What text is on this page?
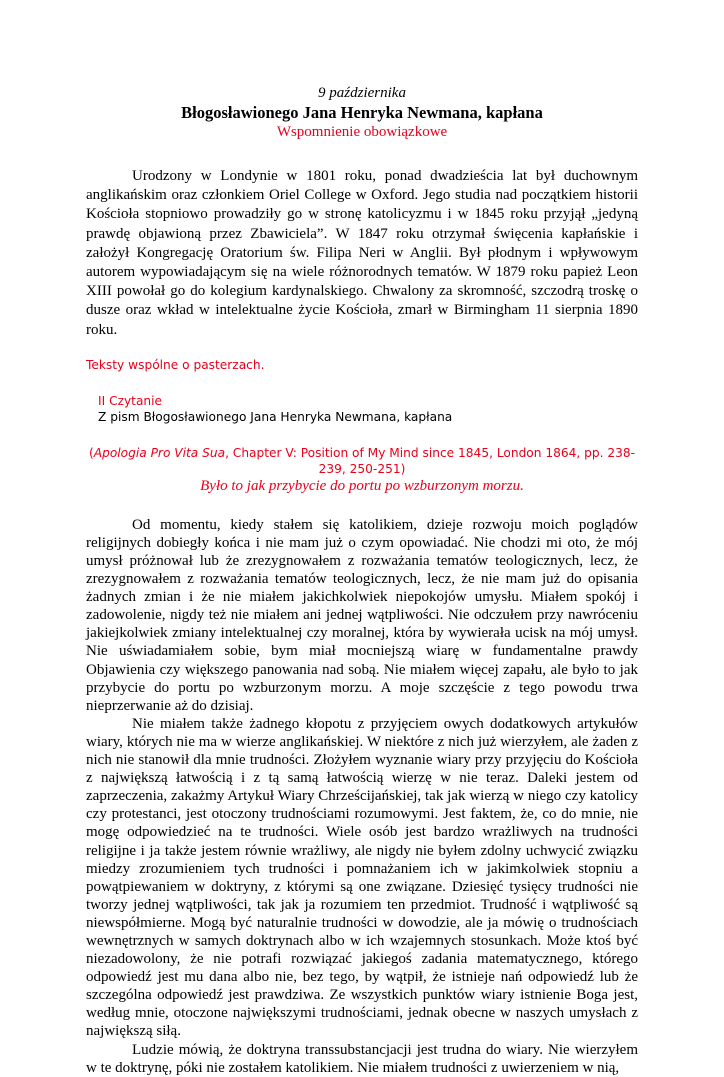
9 października

Błogosławionego Jana Henryka Newmana, kapłana

Wspomnienie obowiązkowe

Urodzony w Londynie w 1801 roku, ponad dwadzieścia lat był duchownym anglikańskim oraz członkiem Oriel College w Oxford. Jego studia nad początkiem historii Kościoła stopniowo prowadziły go w stronę katolicyzmu i w 1845 roku przyjął „jedyną prawdę objawioną przez Zbawiciela”. W 1847 roku otrzymał święcenia kapłańskie i założył Kongregację Oratorium św. Filipa Neri w Anglii. Był płodnym i wpływowym autorem wypowiadającym się na wiele różnorodnych tematów. W 1879 roku papież Leon XIII powołał go do kolegium kardynalskiego. Chwalony za skromność, szczodrą troskę o dusze oraz wkład w intelektualne życie Kościoła, zmarł w Birmingham 11 sierpnia 1890 roku.

Teksty wspólne o pasterzach.

II Czytanie

Z pism Błogosławionego Jana Henryka Newmana, kapłana

(Apologia Pro Vita Sua, Chapter V: Position of My Mind since 1845, London 1864, pp. 238-239, 250-251)

Było to jak przybycie do portu po wzburzonym morzu.

Od momentu, kiedy stałem się katolikiem, dzieje rozwoju moich poglądów religijnych dobiegły końca i nie mam już o czym opowiadać. Nie chodzi mi oto, że mój umysł próżnował lub że zrezygnowałem z rozważania tematów teologicznych, lecz, że zrezygnowałem z rozważania tematów teologicznych, lecz, że nie mam już do opisania żadnych zmian i że nie miałem jakichkolwiek niepokojów umysłu. Miałem spokój i zadowolenie, nigdy też nie miałem ani jednej wątpliwości. Nie odczułem przy nawróceniu jakiejkolwiek zmiany intelektualnej czy moralnej, która by wywierała ucisk na mój umysł. Nie uświadamiałem sobie, bym miał mocniejszą wiarę w fundamentalne prawdy Objawienia czy większego panowania nad sobą. Nie miałem więcej zapału, ale było to jak przybycie do portu po wzburzonym morzu. A moje szczęście z tego powodu trwa nieprzerwanie aż do dzisiaj.

Nie miałem także żadnego kłopotu z przyjęciem owych dodatkowych artykułów wiary, których nie ma w wierze anglikańskiej. W niektóre z nich już wierzyłem, ale żaden z nich nie stanowił dla mnie trudności. Złożyłem wyznanie wiary przy przyjęciu do Kościoła z największą łatwością i z tą samą łatwością wierzę w nie teraz. Daleki jestem od zaprzeczenia, zakażmy Artykuł Wiary Chrześcijańskiej, tak jak wierzą w niego czy katolicy czy protestanci, jest otoczony trudnościami rozumowymi. Jest faktem, że, co do mnie, nie mogę odpowiedzieć na te trudności. Wiele osób jest bardzo wrażliwych na trudności religijne i ja także jestem równie wrażliwy, ale nigdy nie byłem zdolny uchwycić związku miedzy zrozumieniem tych trudności i pomnażaniem ich w jakimkolwiek stopniu a powątpiewaniem w doktryny, z którymi są one związane. Dziesięć tysięcy trudności nie tworzy jednej wątpliwości, tak jak ja rozumiem ten przedmiot. Trudność i wątpliwość są niewspółmierne. Mogą być naturalnie trudności w dowodzie, ale ja mówię o trudnościach wewnętrznych w samych doktrynach albo w ich wzajemnych stosunkach. Może ktoś być niezadowolony, że nie potrafi rozwiązać jakiegoś zadania matematycznego, którego odpowiedź jest mu dana albo nie, bez tego, by wątpił, że istnieje nań odpowiedź lub że szczególna odpowiedź jest prawdziwa. Ze wszystkich punktów wiary istnienie Boga jest, według mnie, otoczone największymi trudnościami, jednak obecne w naszych umysłach z największą siłą.

Ludzie mówią, że doktryna transsubstancjacji jest trudna do wiary. Nie wierzyłem w te doktrynę, póki nie zostałem katolikiem. Nie miałem trudności z uwierzeniem w nią,
